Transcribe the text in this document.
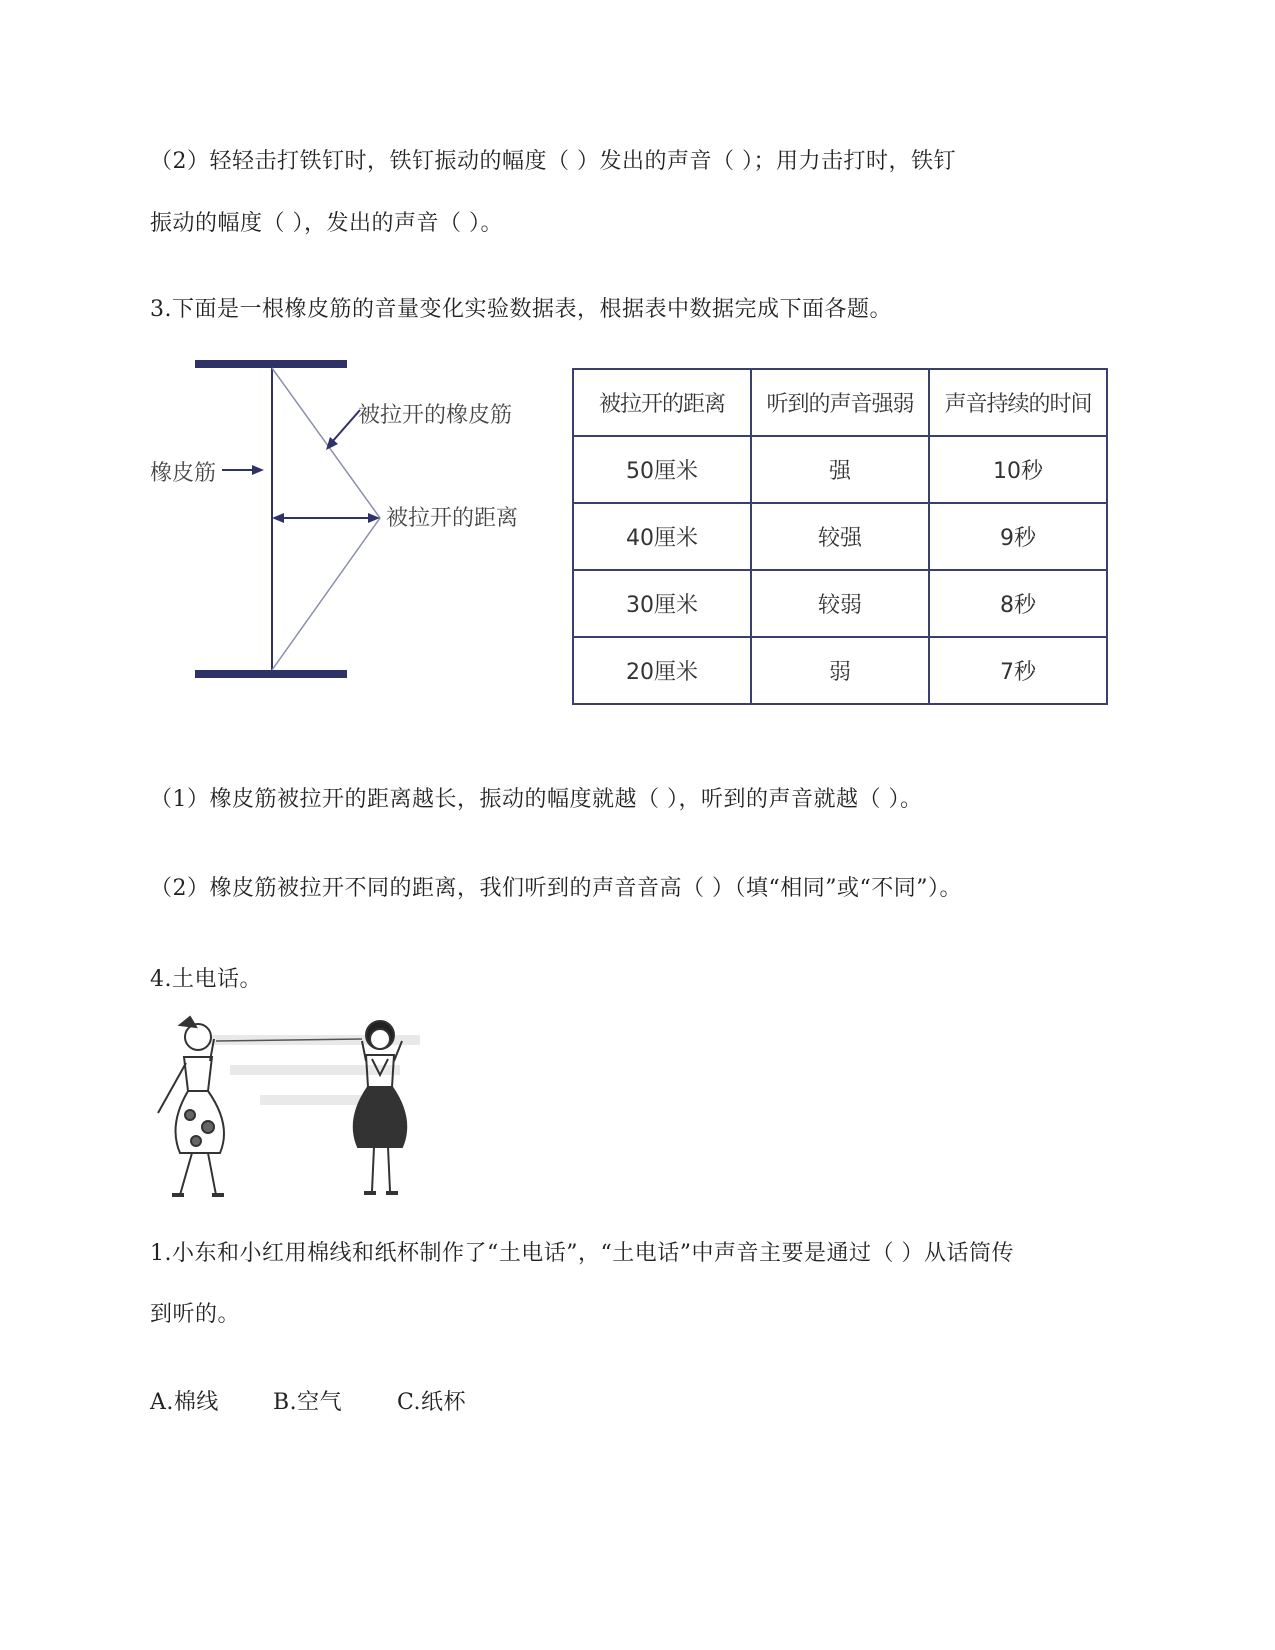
（2）轻轻击打铁钉时，铁钉振动的幅度（ ）发出的声音（ ）；用力击打时，铁钉
振动的幅度（ ），发出的声音（ ）。
3.下面是一根橡皮筋的音量变化实验数据表，根据表中数据完成下面各题。
橡皮筋
被拉开的橡皮筋
被拉开的距离
被拉开的距离	听到的声音强弱	声音持续的时间
50厘米	强	10秒
40厘米	较强	9秒
30厘米	较弱	8秒
20厘米	弱	7秒
（1）橡皮筋被拉开的距离越长，振动的幅度就越（ ），听到的声音就越（ ）。
（2）橡皮筋被拉开不同的距离，我们听到的声音音高（ ）（填“相同”或“不同”）。
4.土电话。
1.小东和小红用棉线和纸杯制作了“土电话”，“土电话”中声音主要是通过（ ）从话筒传
到听的。
A.棉线 B.空气 C.纸杯
